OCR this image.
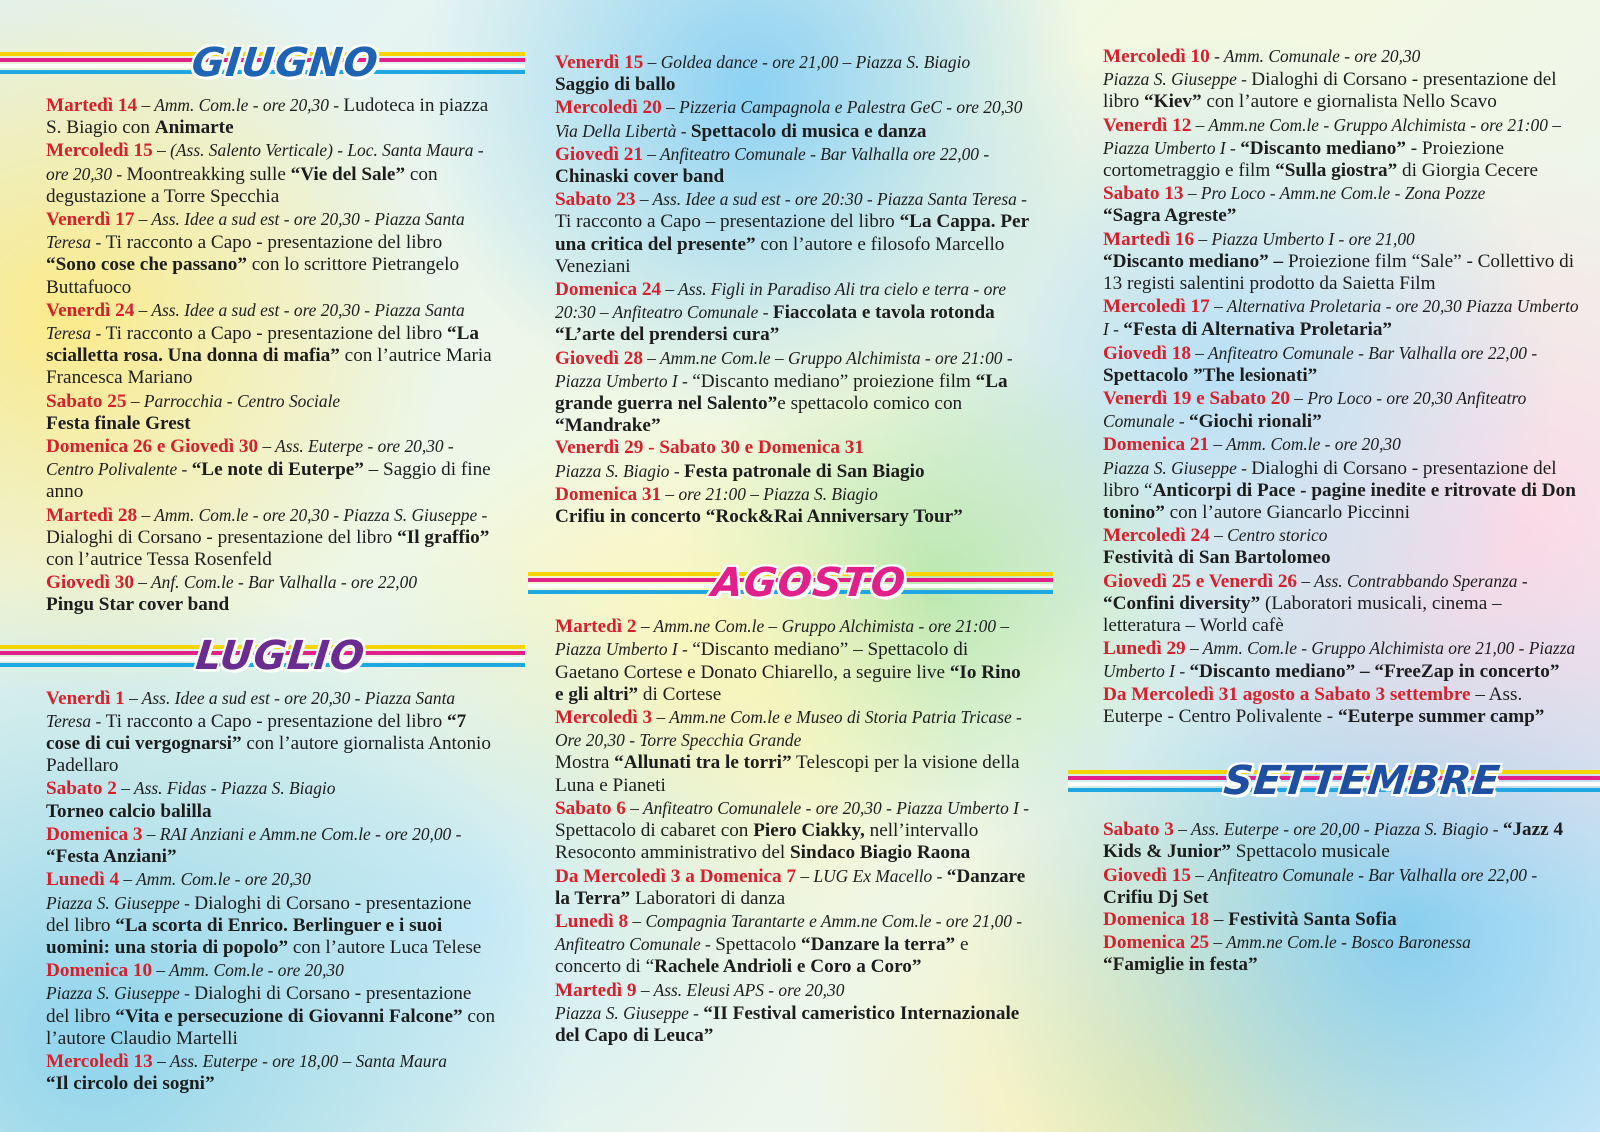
GIUGNO

Martedì 14 – Amm. Com.le - ore 20,30 - Ludoteca in piazza S. Biagio con Animarte

Mercoledì 15 – (Ass. Salento Verticale) - Loc. Santa Maura - ore 20,30 - Moontreakking sulle “Vie del Sale” con degustazione a Torre Specchia

Venerdì 17 – Ass. Idee a sud est - ore 20,30 - Piazza Santa Teresa - Ti racconto a Capo - presentazione del libro “Sono cose che passano” con lo scrittore Pietrangelo Buttafuoco

Venerdì 24 – Ass. Idee a sud est - ore 20,30 - Piazza Santa Teresa - Ti racconto a Capo - presentazione del libro “La scialletta rosa. Una donna di mafia” con l’autrice Maria Francesca Mariano

Sabato 25 – Parrocchia - Centro Sociale
Festa finale Grest

Domenica 26 e Giovedì 30 – Ass. Euterpe - ore 20,30 - Centro Polivalente - “Le note di Euterpe” – Saggio di fine anno

Martedì 28 – Amm. Com.le - ore 20,30 - Piazza S. Giuseppe - Dialoghi di Corsano - presentazione del libro “Il graffio” con l’autrice Tessa Rosenfeld

Giovedì 30 – Anf. Com.le - Bar Valhalla - ore 22,00
Pingu Star cover band

LUGLIO

Venerdì 1 – Ass. Idee a sud est - ore 20,30 - Piazza Santa Teresa - Ti racconto a Capo - presentazione del libro “7 cose di cui vergognarsi” con l’autore giornalista Antonio Padellaro

Sabato 2 – Ass. Fidas - Piazza S. Biagio
Torneo calcio balilla

Domenica 3 – RAI Anziani e Amm.ne Com.le - ore 20,00 - “Festa Anziani”

Lunedì 4 – Amm. Com.le - ore 20,30
Piazza S. Giuseppe - Dialoghi di Corsano - presentazione del libro “La scorta di Enrico. Berlinguer e i suoi uomini: una storia di popolo” con l’autore Luca Telese

Domenica 10 – Amm. Com.le - ore 20,30
Piazza S. Giuseppe - Dialoghi di Corsano - presentazione del libro “Vita e persecuzione di Giovanni Falcone” con l’autore Claudio Martelli

Mercoledì 13 – Ass. Euterpe - ore 18,00 – Santa Maura
“Il circolo dei sogni”

Venerdì 15 – Goldea dance - ore 21,00 – Piazza S. Biagio
Saggio di ballo

Mercoledì 20 – Pizzeria Campagnola e Palestra GeC - ore 20,30 Via Della Libertà - Spettacolo di musica e danza

Giovedì 21 – Anfiteatro Comunale - Bar Valhalla ore 22,00 - Chinaski cover band

Sabato 23 – Ass. Idee a sud est - ore 20:30 - Piazza Santa Teresa - Ti racconto a Capo – presentazione del libro “La Cappa. Per una critica del presente” con l’autore e filosofo Marcello Veneziani

Domenica 24 – Ass. Figli in Paradiso Ali tra cielo e terra - ore 20:30 – Anfiteatro Comunale - Fiaccolata e tavola rotonda “L’arte del prendersi cura”

Giovedì 28 – Amm.ne Com.le – Gruppo Alchimista - ore 21:00 - Piazza Umberto I - “Discanto mediano” proiezione film “La grande guerra nel Salento”e spettacolo comico con “Mandrake”

Venerdì 29 - Sabato 30 e Domenica 31
Piazza S. Biagio - Festa patronale di San Biagio

Domenica 31 – ore 21:00 – Piazza S. Biagio
Crifiu in concerto “Rock&Rai Anniversary Tour”

AGOSTO

Martedì 2 – Amm.ne Com.le – Gruppo Alchimista - ore 21:00 – Piazza Umberto I - “Discanto mediano” – Spettacolo di Gaetano Cortese e Donato Chiarello, a seguire live “Io Rino e gli altri” di Cortese

Mercoledì 3 – Amm.ne Com.le e Museo di Storia Patria Tricase - Ore 20,30 - Torre Specchia Grande
Mostra “Allunati tra le torri” Telescopi per la visione della Luna e Pianeti

Sabato 6 – Anfiteatro Comunalele - ore 20,30 - Piazza Umberto I - Spettacolo di cabaret con Piero Ciakky, nell’intervallo Resoconto amministrativo del Sindaco Biagio Raona

Da Mercoledì 3 a Domenica 7 – LUG Ex Macello - “Danzare la Terra” Laboratori di danza

Lunedì 8 – Compagnia Tarantarte e Amm.ne Com.le - ore 21,00 - Anfiteatro Comunale - Spettacolo “Danzare la terra” e concerto di “Rachele Andrioli e Coro a Coro”

Martedì 9 – Ass. Eleusi APS - ore 20,30
Piazza S. Giuseppe - “II Festival cameristico Internazionale del Capo di Leuca”

Mercoledì 10 - Amm. Comunale - ore 20,30
Piazza S. Giuseppe - Dialoghi di Corsano - presentazione del libro “Kiev” con l’autore e giornalista Nello Scavo

Venerdì 12 – Amm.ne Com.le - Gruppo Alchimista - ore 21:00 – Piazza Umberto I - “Discanto mediano” - Proiezione cortometraggio e film “Sulla giostra” di Giorgia Cecere

Sabato 13 – Pro Loco - Amm.ne Com.le - Zona Pozze
“Sagra Agreste”

Martedì 16 – Piazza Umberto I - ore 21,00
“Discanto mediano” – Proiezione film “Sale” - Collettivo di 13 registi salentini prodotto da Saietta Film

Mercoledì 17 – Alternativa Proletaria - ore 20,30 Piazza Umberto I - “Festa di Alternativa Proletaria”

Giovedì 18 – Anfiteatro Comunale - Bar Valhalla ore 22,00 - Spettacolo ”The lesionati”

Venerdì 19 e Sabato 20 – Pro Loco - ore 20,30 Anfiteatro Comunale - “Giochi rionali”

Domenica 21 – Amm. Com.le - ore 20,30
Piazza S. Giuseppe - Dialoghi di Corsano - presentazione del libro “Anticorpi di Pace - pagine inedite e ritrovate di Don tonino” con l’autore Giancarlo Piccinni

Mercoledì 24 – Centro storico
Festività di San Bartolomeo

Giovedì 25 e Venerdì 26 – Ass. Contrabbando Speranza - “Confini diversity” (Laboratori musicali, cinema – letteratura – World cafè

Lunedì 29 – Amm. Com.le - Gruppo Alchimista ore 21,00 - Piazza Umberto I - “Discanto mediano” – “FreeZap in concerto”

Da Mercoledì 31 agosto a Sabato 3 settembre – Ass. Euterpe - Centro Polivalente - “Euterpe summer camp”

SETTEMBRE

Sabato 3 – Ass. Euterpe - ore 20,00 - Piazza S. Biagio - “Jazz 4 Kids & Junior” Spettacolo musicale

Giovedì 15 – Anfiteatro Comunale - Bar Valhalla ore 22,00 - Crifiu Dj Set

Domenica 18 – Festività Santa Sofia

Domenica 25 – Amm.ne Com.le - Bosco Baronessa
“Famiglie in festa”
